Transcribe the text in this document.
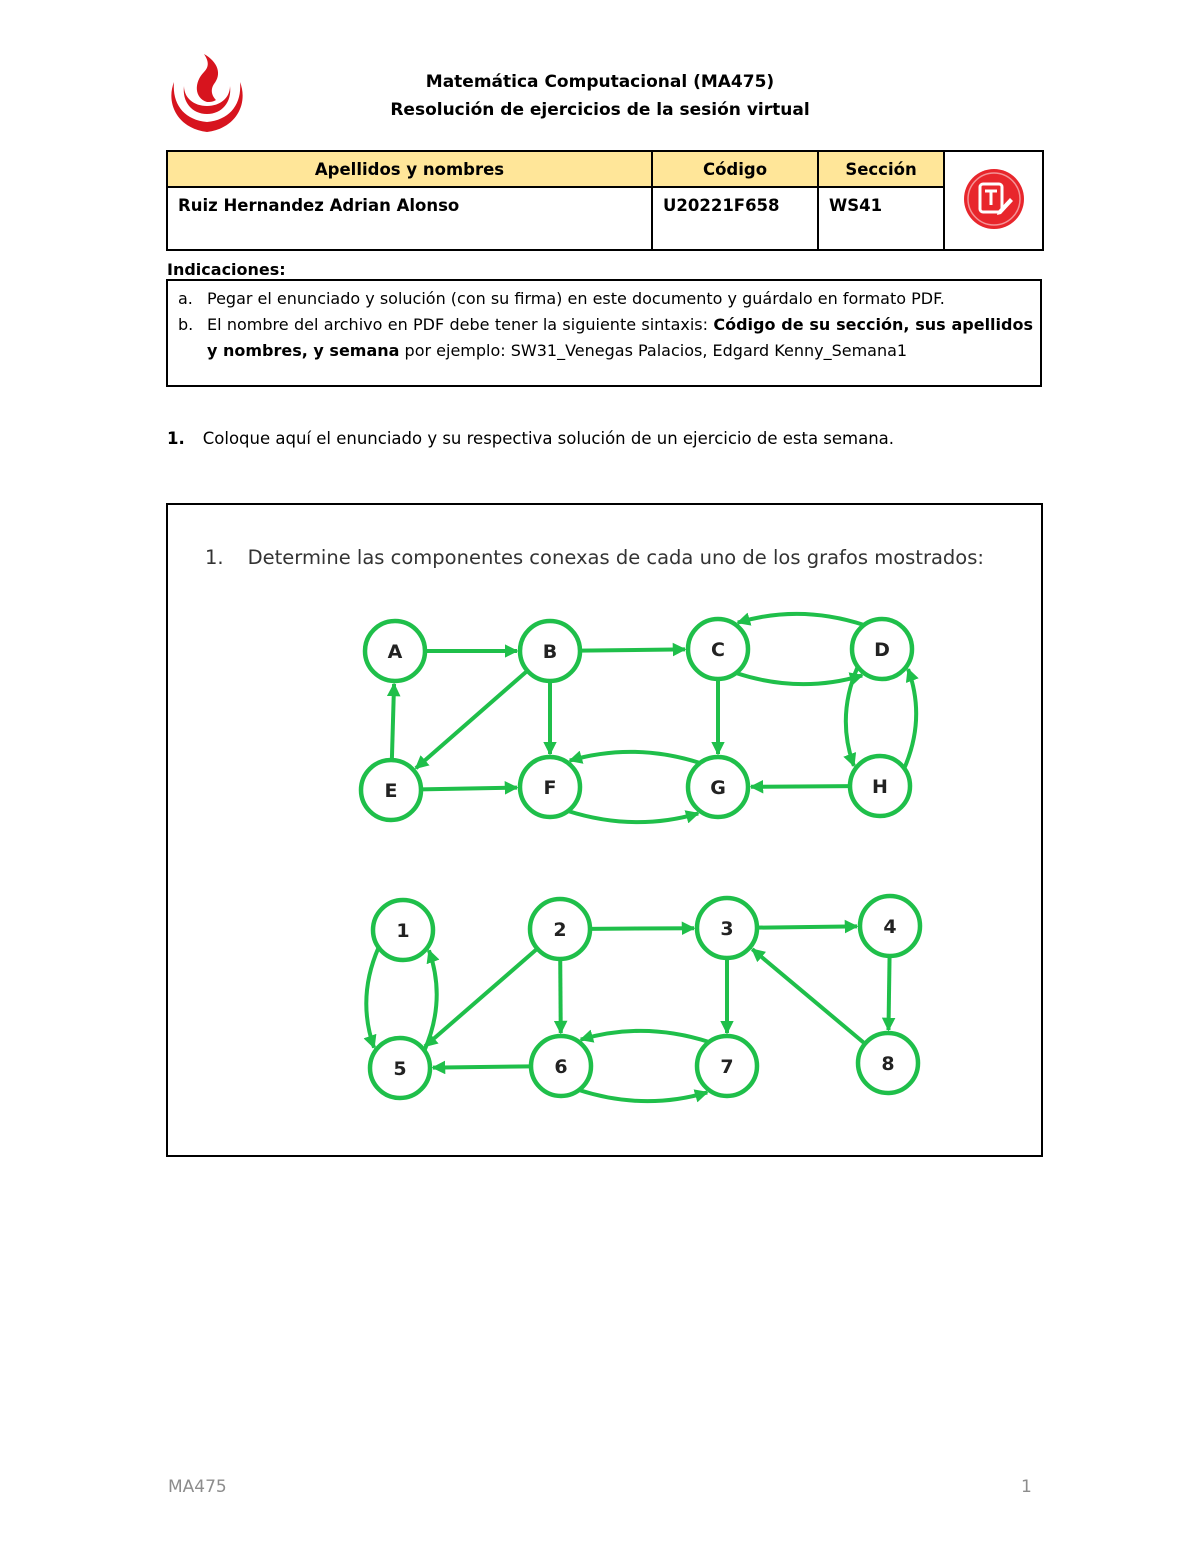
Matemática Computacional (MA475)
Resolución de ejercicios de la sesión virtual
Apellidos y nombres	Código	Sección	
Ruiz Hernandez Adrian Alonso	U20221F658	WS41	
Indicaciones:
a. Pegar el enunciado y solución (con su firma) en este documento y guárdalo en formato PDF.
b. El nombre del archivo en PDF debe tener la siguiente sintaxis: Código de su sección, sus apellidos y nombres, y semana por ejemplo: SW31_Venegas Palacios, Edgard Kenny_Semana1
1. Coloque aquí el enunciado y su respectiva solución de un ejercicio de esta semana.
1. Determine las componentes conexas de cada uno de los grafos mostrados:
A	B	C	D
E	F	G	H
1	2	3	4
5	6	7	8
MA475	1
